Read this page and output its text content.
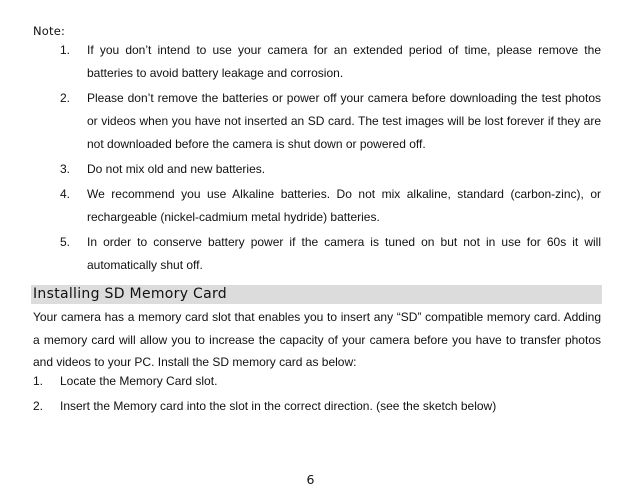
Note:
1. If you don’t intend to use your camera for an extended period of time, please remove the batteries to avoid battery leakage and corrosion.
2. Please don’t remove the batteries or power off your camera before downloading the test photos or videos when you have not inserted an SD card. The test images will be lost forever if they are not downloaded before the camera is shut down or powered off.
3. Do not mix old and new batteries.
4. We recommend you use Alkaline batteries. Do not mix alkaline, standard (carbon-zinc), or rechargeable (nickel-cadmium metal hydride) batteries.
5. In order to conserve battery power if the camera is tuned on but not in use for 60s it will automatically shut off.
Installing SD Memory Card
Your camera has a memory card slot that enables you to insert any “SD” compatible memory card. Adding a memory card will allow you to increase the capacity of your camera before you have to transfer photos and videos to your PC. Install the SD memory card as below:
1. Locate the Memory Card slot.
2. Insert the Memory card into the slot in the correct direction. (see the sketch below)
6
